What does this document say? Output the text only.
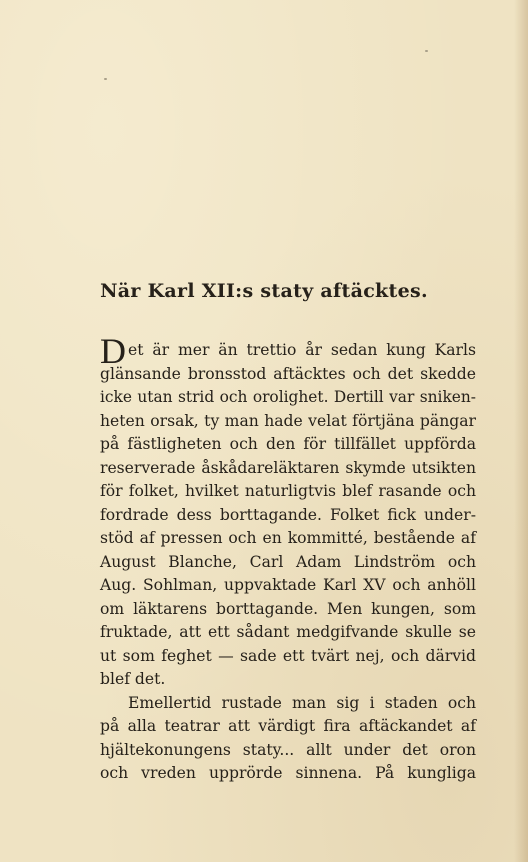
När Karl XII:s staty aftäcktes.
Det är mer än trettio år sedan kung Karls
glänsande bronsstod aftäcktes och det skedde
icke utan strid och orolighet. Dertill var sniken-
heten orsak, ty man hade velat förtjäna pängar
på fästligheten och den för tillfället uppförda
reserverade åskådareläktaren skymde utsikten
för folket, hvilket naturligtvis blef rasande och
fordrade dess borttagande. Folket fick under-
stöd af pressen och en kommitté, bestående af
August Blanche, Carl Adam Lindström och
Aug. Sohlman, uppvaktade Karl XV och anhöll
om läktarens borttagande. Men kungen, som
fruktade, att ett sådant medgifvande skulle se
ut som feghet — sade ett tvärt nej, och därvid
blef det.
Emellertid rustade man sig i staden och
på alla teatrar att värdigt fira aftäckandet af
hjältekonungens staty... allt under det oron
och vreden upprörde sinnena. På kungliga
